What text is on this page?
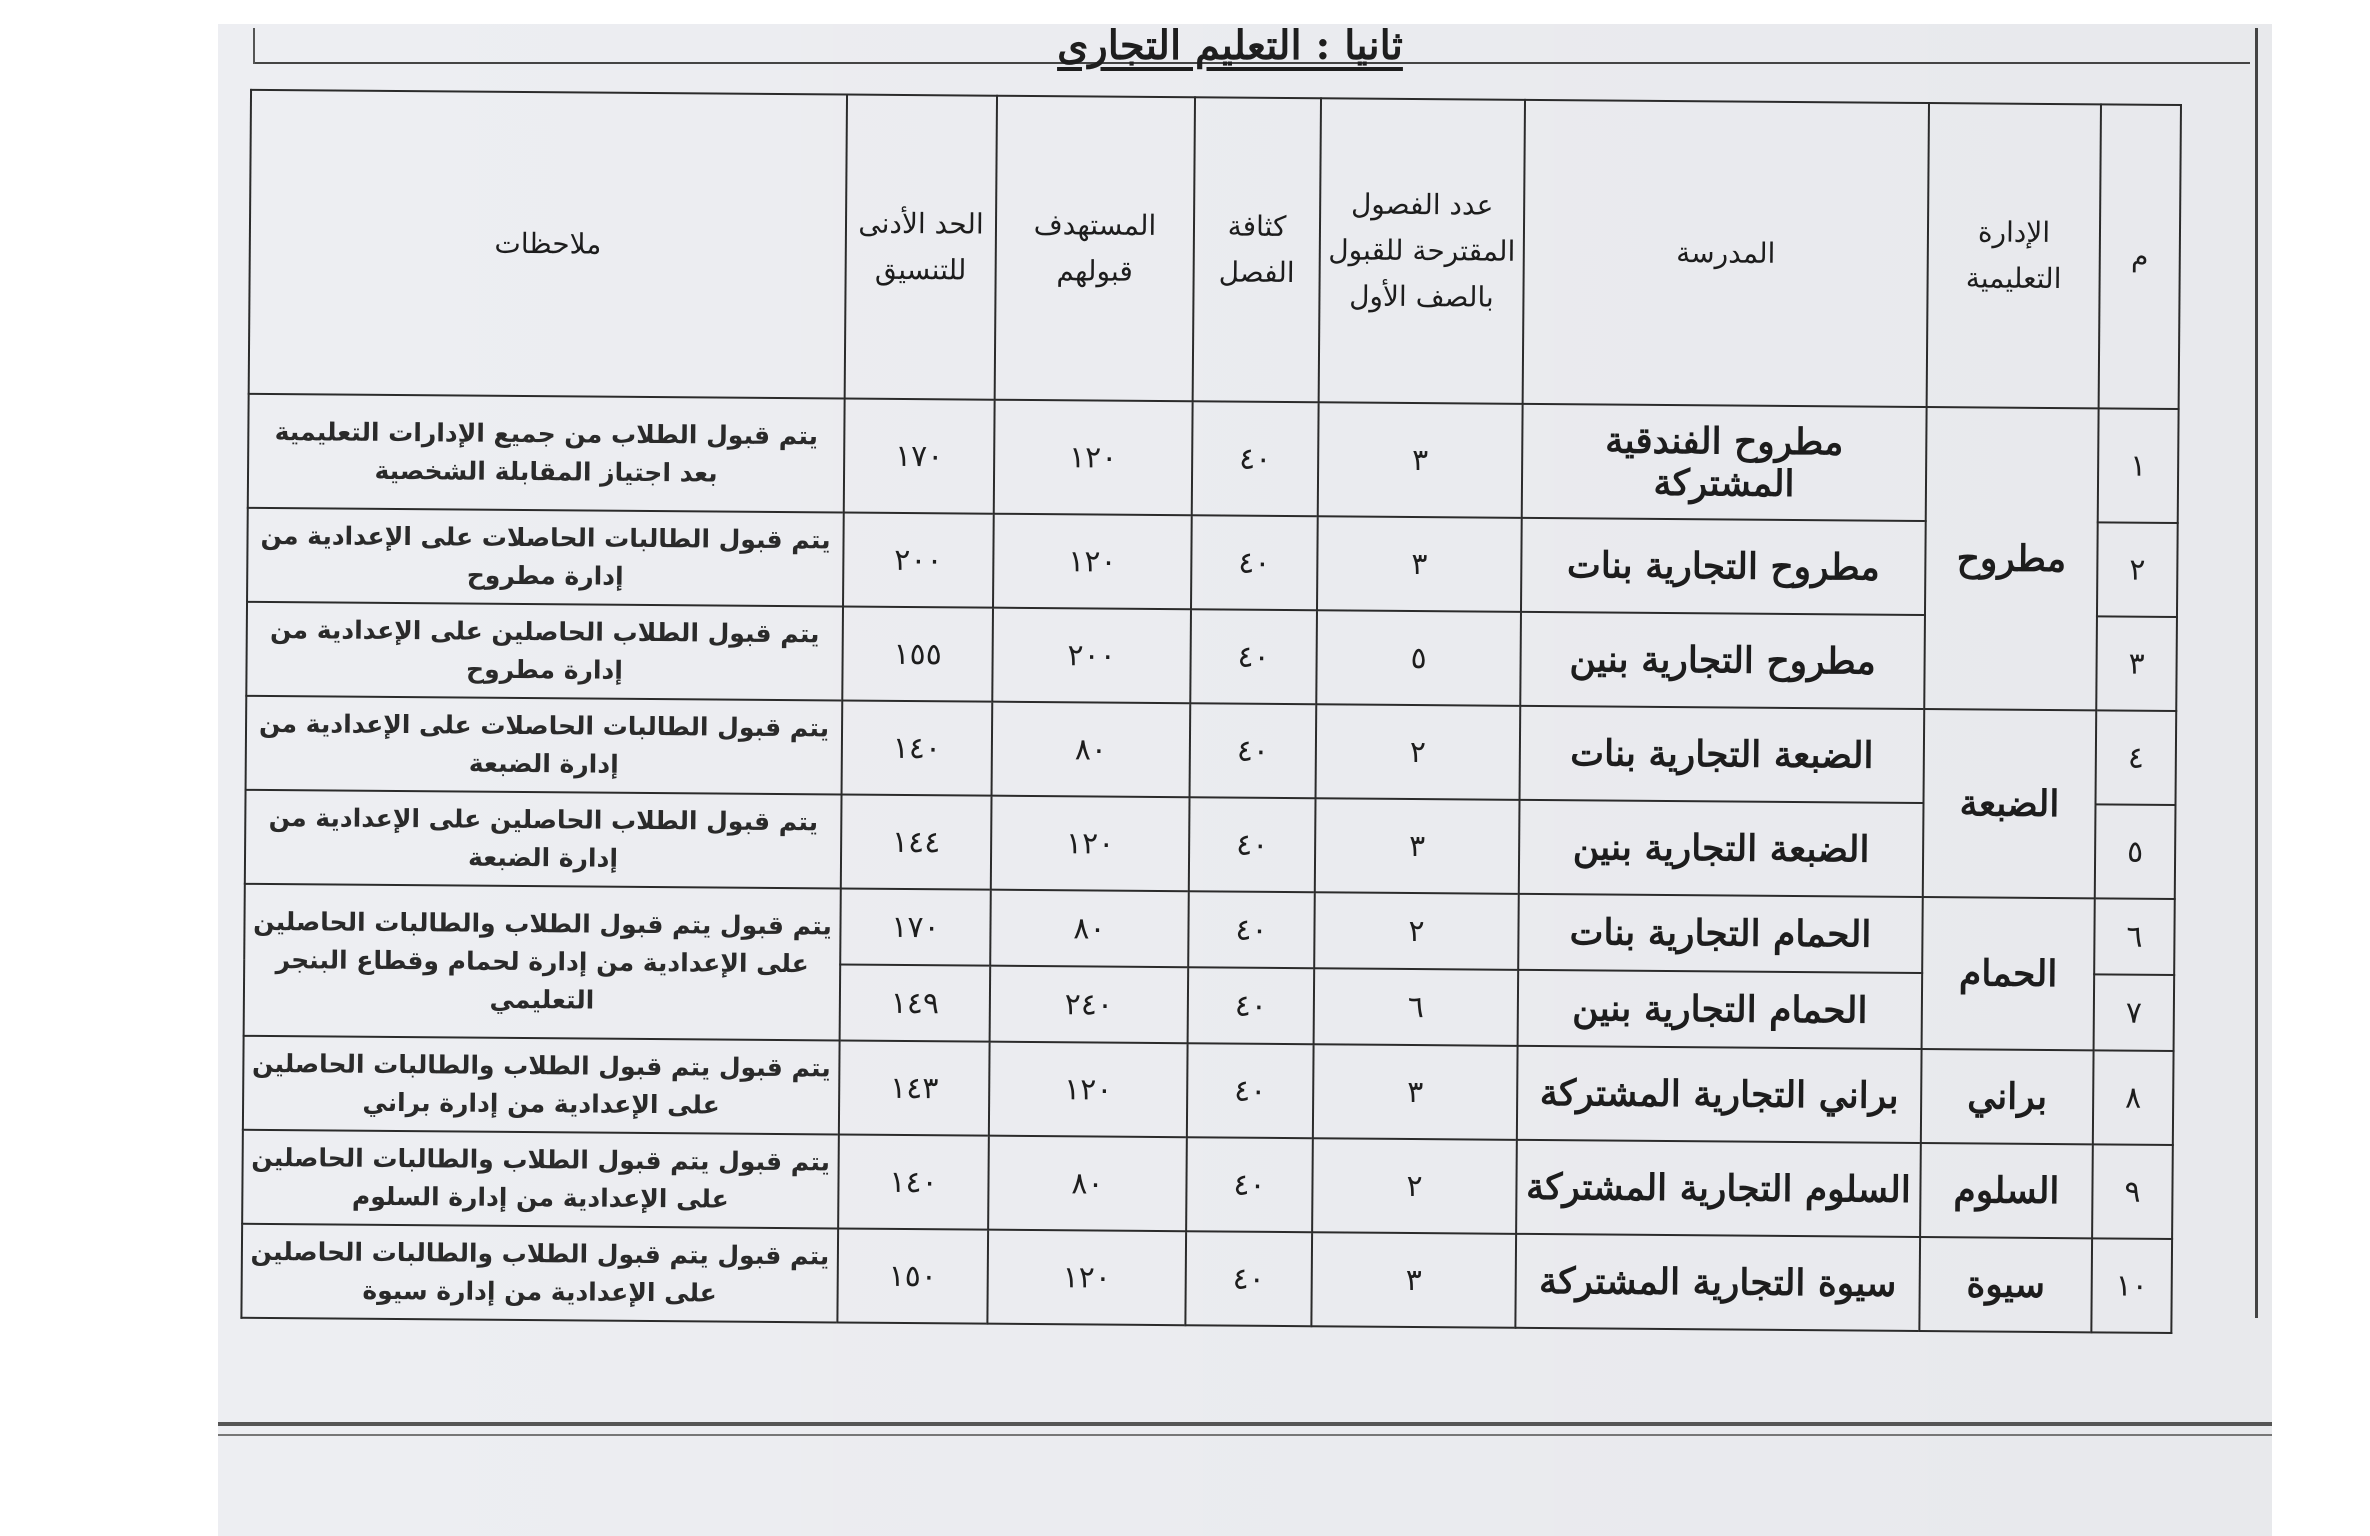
ثانيا : التعليم التجارى
م	الإدارة التعليمية	المدرسة	عدد الفصول المقترحة للقبول بالصف الأول	كثافة الفصل	المستهدف قبولهم	الحد الأدنى للتنسيق	ملاحظات
١	مطروح	مطروح الفندقية المشتركة	٣	٤٠	١٢٠	١٧٠	يتم قبول الطلاب من جميع الإدارات التعليمية بعد اجتياز المقابلة الشخصية
٢		مطروح التجارية بنات	٣	٤٠	١٢٠	٢٠٠	يتم قبول الطالبات الحاصلات على الإعدادية من إدارة مطروح
٣		مطروح التجارية بنين	٥	٤٠	٢٠٠	١٥٥	يتم قبول الطلاب الحاصلين على الإعدادية من إدارة مطروح
٤	الضبعة	الضبعة التجارية بنات	٢	٤٠	٨٠	١٤٠	يتم قبول الطالبات الحاصلات على الإعدادية من إدارة الضبعة
٥		الضبعة التجارية بنين	٣	٤٠	١٢٠	١٤٤	يتم قبول الطلاب الحاصلين على الإعدادية من إدارة الضبعة
٦	الحمام	الحمام التجارية بنات	٢	٤٠	٨٠	١٧٠	يتم قبول يتم قبول الطلاب والطالبات الحاصلين على الإعدادية من إدارة لحمام وقطاع البنجر التعليمي
٧		الحمام التجارية بنين	٦	٤٠	٢٤٠	١٤٩	
٨	براني	براني التجارية المشتركة	٣	٤٠	١٢٠	١٤٣	يتم قبول يتم قبول الطلاب والطالبات الحاصلين على الإعدادية من إدارة براني
٩	السلوم	السلوم التجارية المشتركة	٢	٤٠	٨٠	١٤٠	يتم قبول يتم قبول الطلاب والطالبات الحاصلين على الإعدادية من إدارة السلوم
١٠	سيوة	سيوة التجارية المشتركة	٣	٤٠	١٢٠	١٥٠	يتم قبول يتم قبول الطلاب والطالبات الحاصلين على الإعدادية من إدارة سيوة
